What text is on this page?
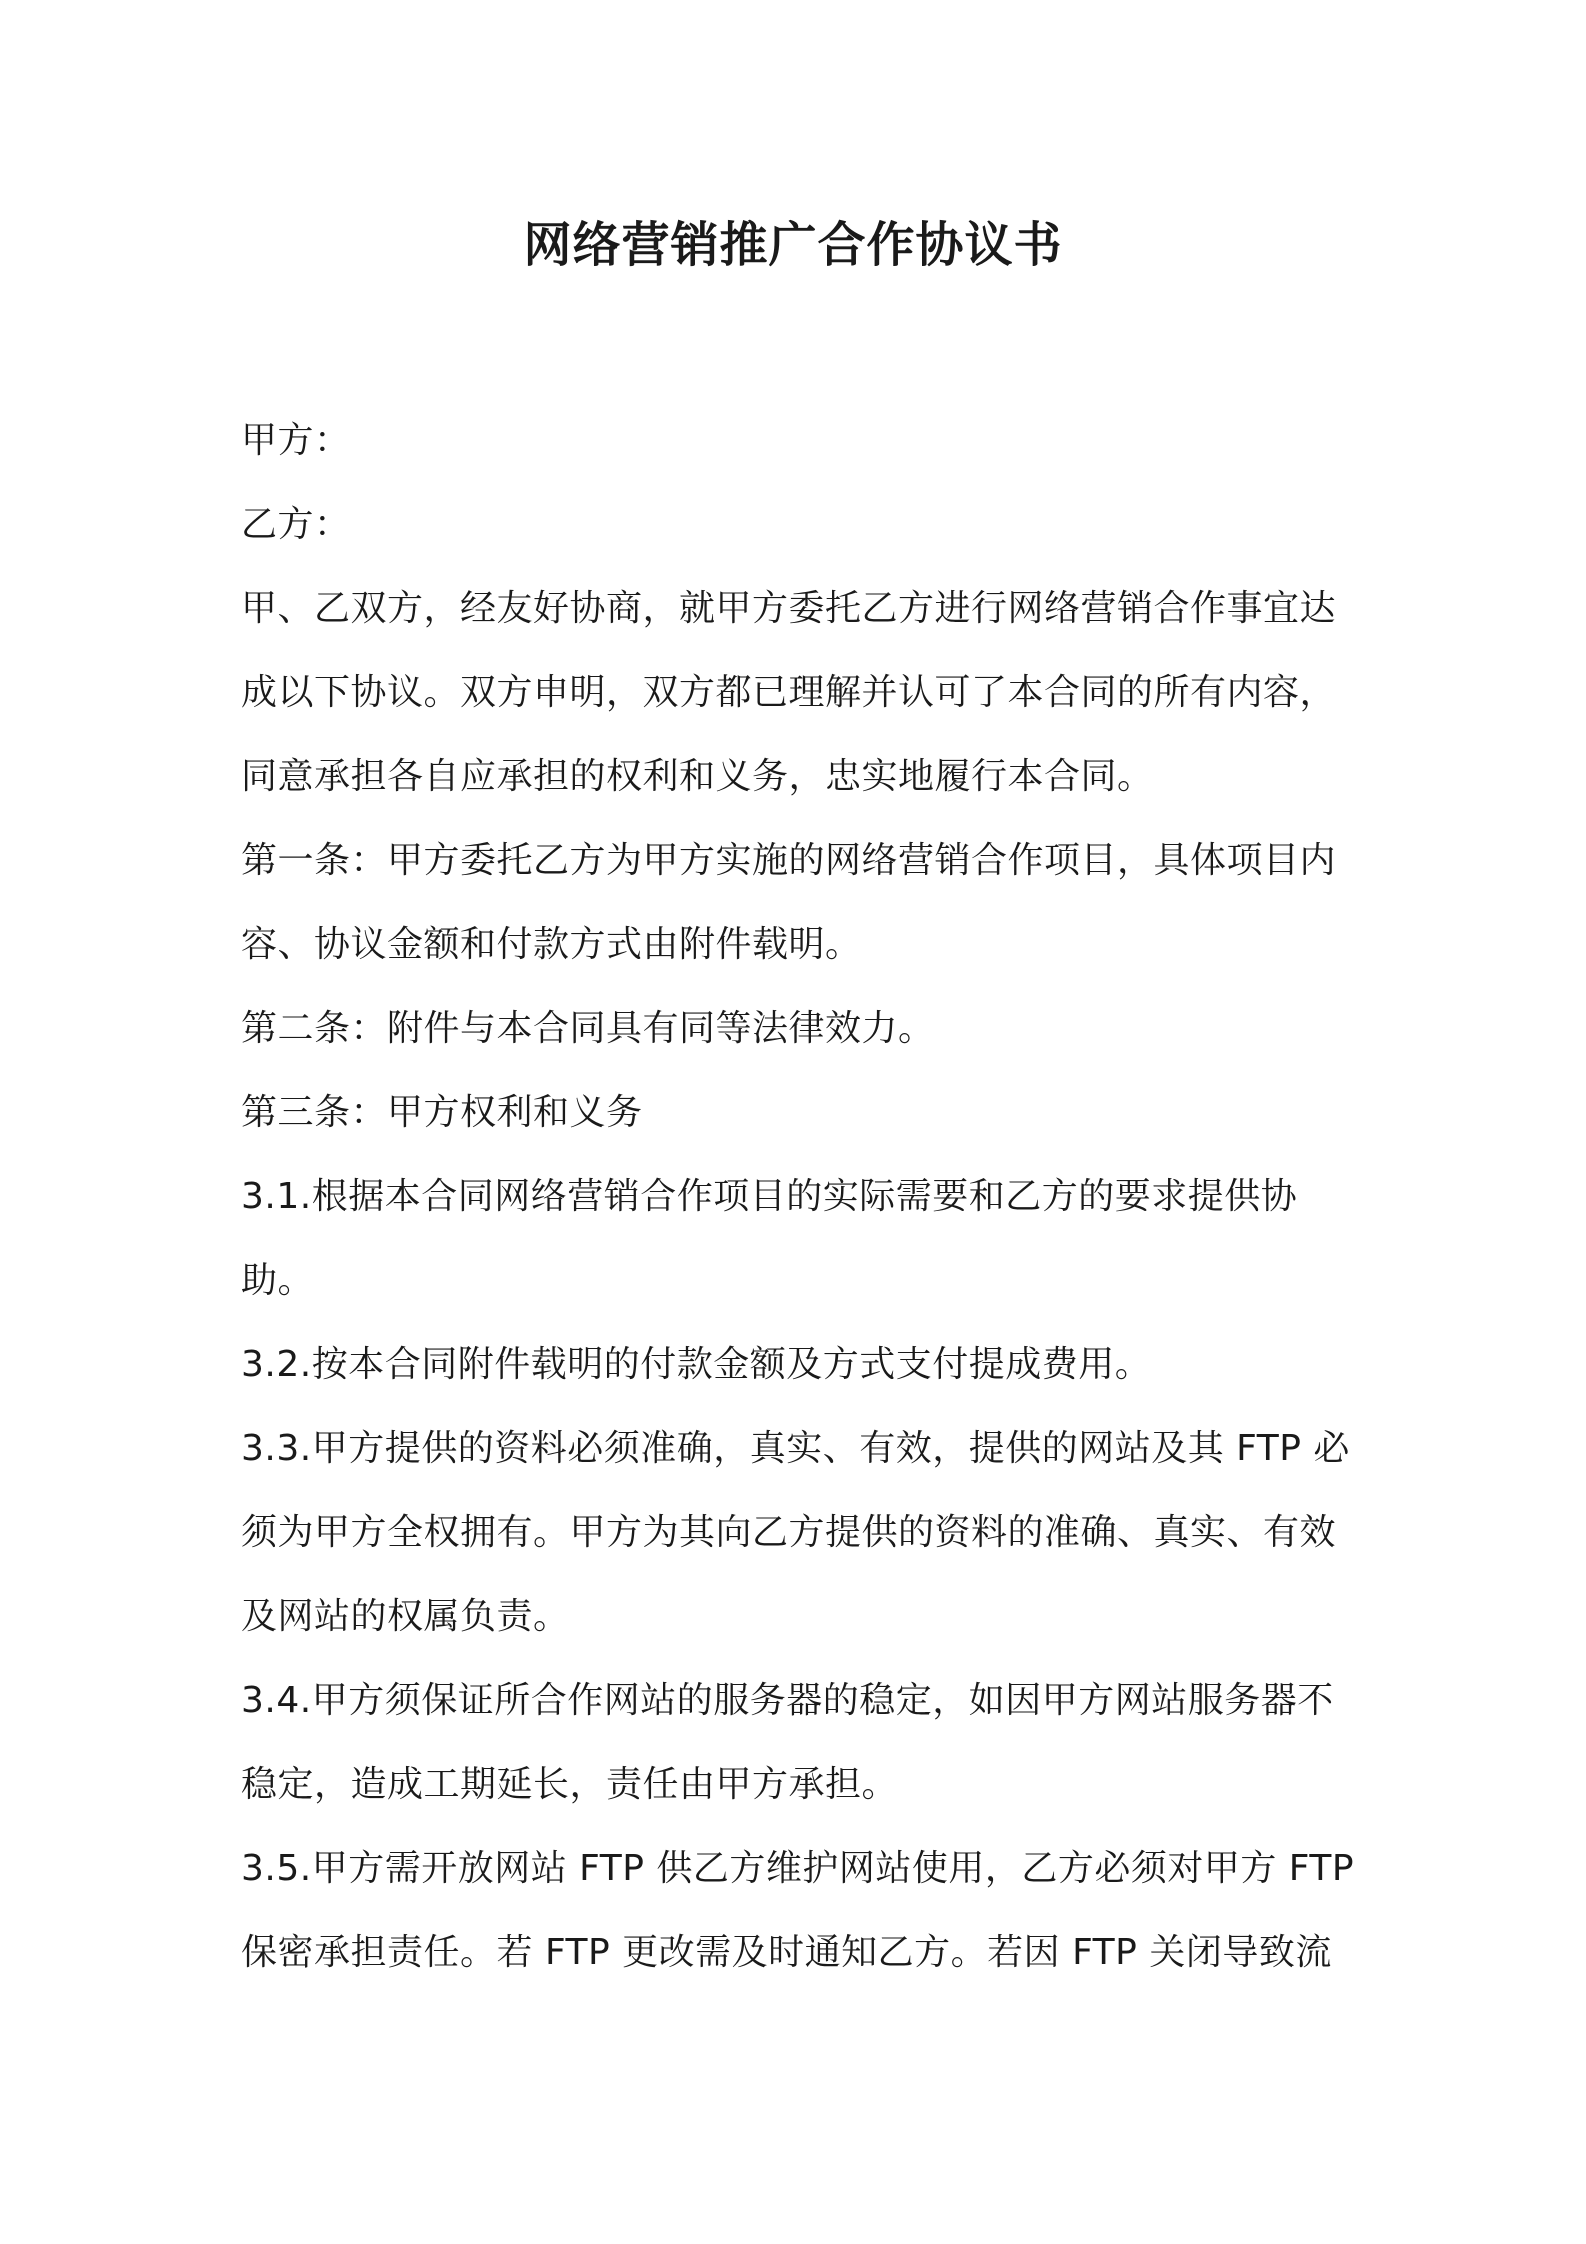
网络营销推广合作协议书
甲方：
乙方：
甲、乙双方，经友好协商，就甲方委托乙方进行网络营销合作事宜达
成以下协议。双方申明，双方都已理解并认可了本合同的所有内容，
同意承担各自应承担的权利和义务，忠实地履行本合同。
第一条：甲方委托乙方为甲方实施的网络营销合作项目，具体项目内
容、协议金额和付款方式由附件载明。
第二条：附件与本合同具有同等法律效力。
第三条：甲方权利和义务
3.1.根据本合同网络营销合作项目的实际需要和乙方的要求提供协
助。
3.2.按本合同附件载明的付款金额及方式支付提成费用。
3.3.甲方提供的资料必须准确，真实、有效，提供的网站及其 FTP 必
须为甲方全权拥有。甲方为其向乙方提供的资料的准确、真实、有效
及网站的权属负责。
3.4.甲方须保证所合作网站的服务器的稳定，如因甲方网站服务器不
稳定，造成工期延长，责任由甲方承担。
3.5.甲方需开放网站 FTP 供乙方维护网站使用，乙方必须对甲方 FTP
保密承担责任。若 FTP 更改需及时通知乙方。若因 FTP 关闭导致流
